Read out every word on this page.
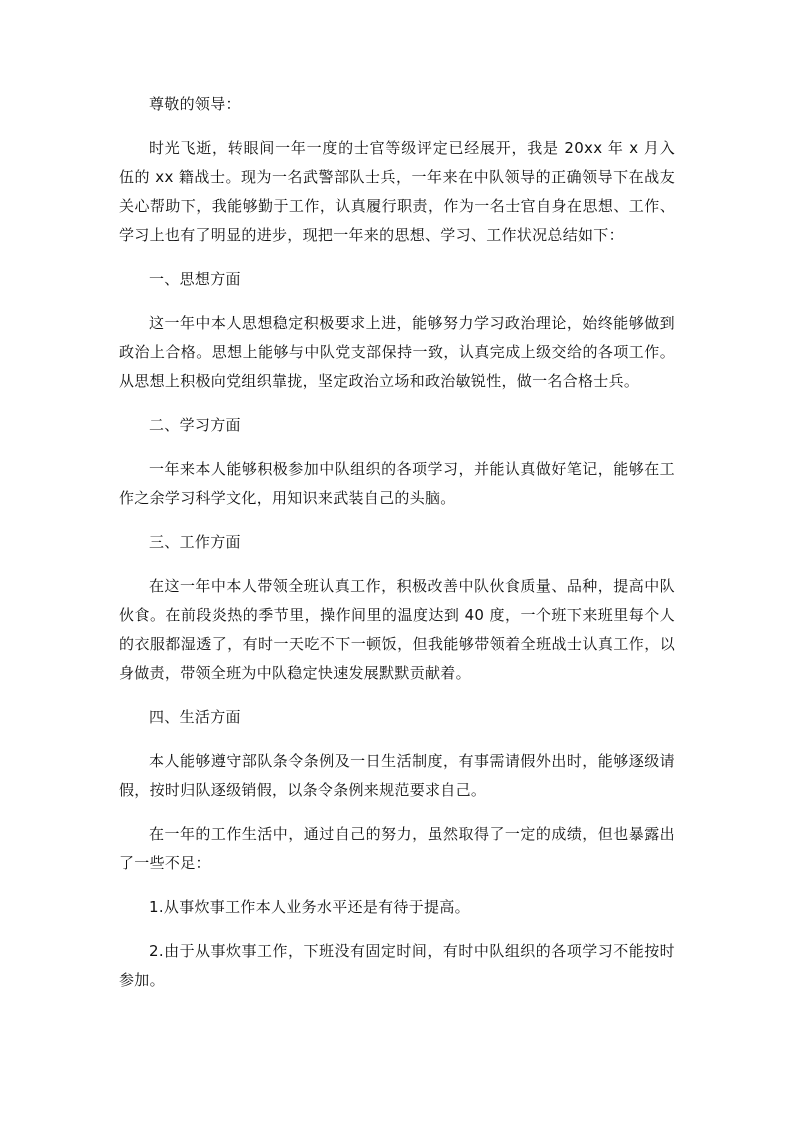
尊敬的领导：

时光飞逝，转眼间一年一度的士官等级评定已经展开，我是 20xx 年 x 月入伍的 xx 籍战士。现为一名武警部队士兵，一年来在中队领导的正确领导下在战友关心帮助下，我能够勤于工作，认真履行职责，作为一名士官自身在思想、工作、学习上也有了明显的进步，现把一年来的思想、学习、工作状况总结如下：

一、思想方面

这一年中本人思想稳定积极要求上进，能够努力学习政治理论，始终能够做到政治上合格。思想上能够与中队党支部保持一致，认真完成上级交给的各项工作。从思想上积极向党组织靠拢，坚定政治立场和政治敏锐性，做一名合格士兵。

二、学习方面

一年来本人能够积极参加中队组织的各项学习，并能认真做好笔记，能够在工作之余学习科学文化，用知识来武装自己的头脑。

三、工作方面

在这一年中本人带领全班认真工作，积极改善中队伙食质量、品种，提高中队伙食。在前段炎热的季节里，操作间里的温度达到 40 度，一个班下来班里每个人的衣服都湿透了，有时一天吃不下一顿饭，但我能够带领着全班战士认真工作，以身做责，带领全班为中队稳定快速发展默默贡献着。

四、生活方面

本人能够遵守部队条令条例及一日生活制度，有事需请假外出时，能够逐级请假，按时归队逐级销假，以条令条例来规范要求自己。

在一年的工作生活中，通过自己的努力，虽然取得了一定的成绩，但也暴露出了一些不足：

1.从事炊事工作本人业务水平还是有待于提高。

2.由于从事炊事工作，下班没有固定时间，有时中队组织的各项学习不能按时参加。
